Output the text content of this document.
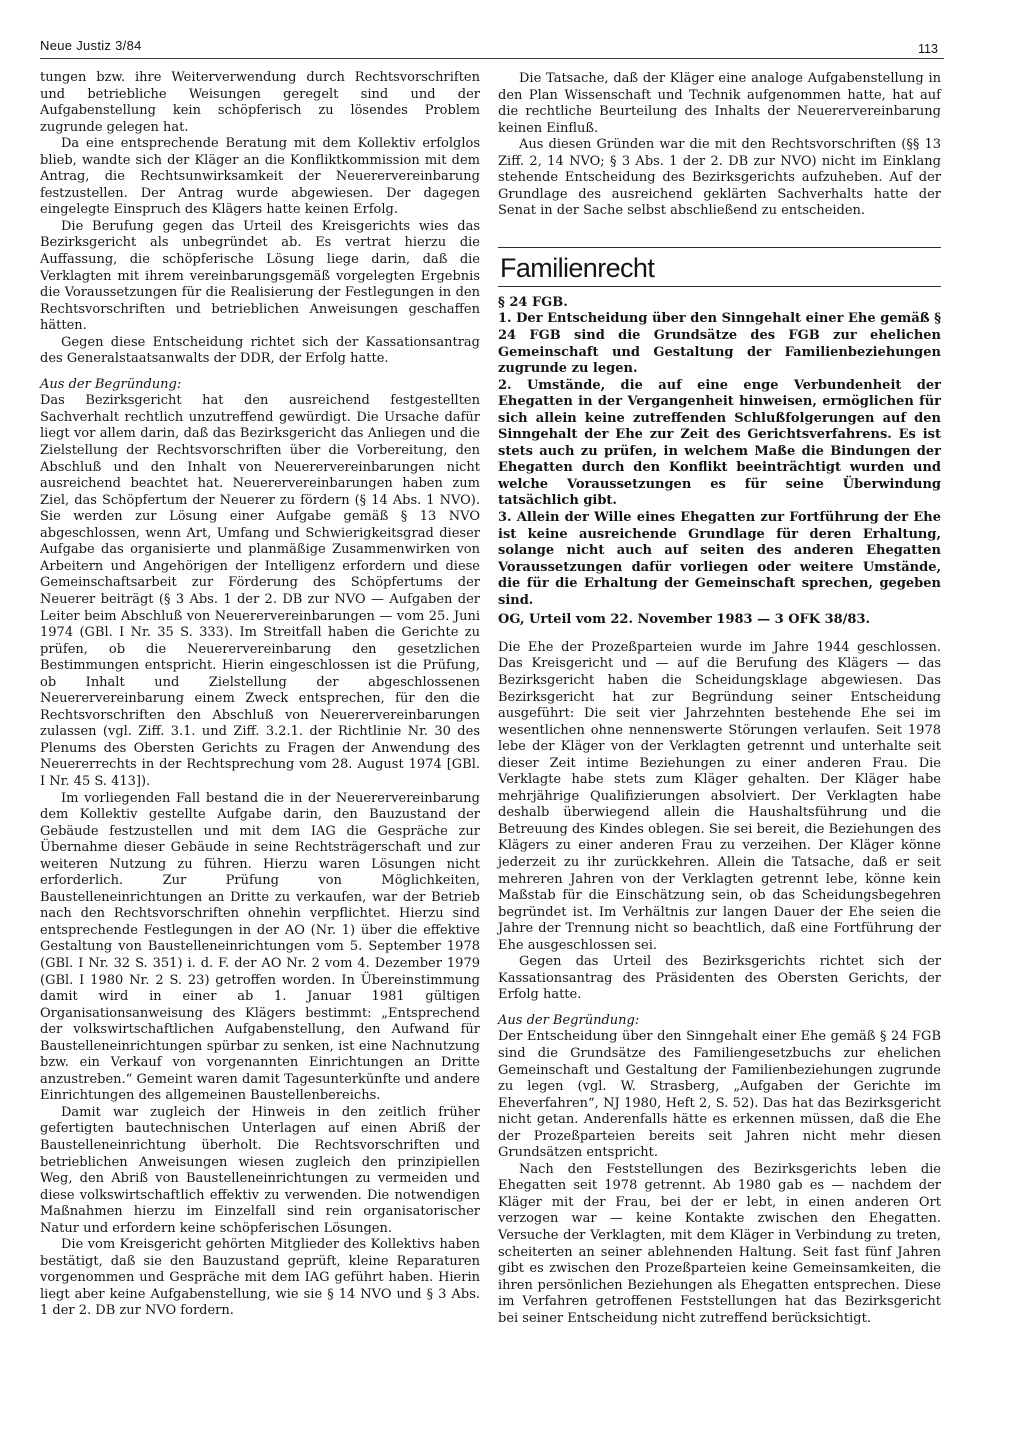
Neue Justiz 3/84	113

tungen bzw. ihre Weiterverwendung durch Rechtsvorschriften und betriebliche Weisungen geregelt sind und der Aufgabenstellung kein schöpferisch zu lösendes Problem zugrunde gelegen hat.

Da eine entsprechende Beratung mit dem Kollektiv erfolglos blieb, wandte sich der Kläger an die Konfliktkommission mit dem Antrag, die Rechtsunwirksamkeit der Neuerervereinbarung festzustellen. Der Antrag wurde abgewiesen. Der dagegen eingelegte Einspruch des Klägers hatte keinen Erfolg.

Die Berufung gegen das Urteil des Kreisgerichts wies das Bezirksgericht als unbegründet ab. Es vertrat hierzu die Auffassung, die schöpferische Lösung liege darin, daß die Verklagten mit ihrem vereinbarungsgemäß vorgelegten Ergebnis die Voraussetzungen für die Realisierung der Festlegungen in den Rechtsvorschriften und betrieblichen Anweisungen geschaffen hätten.

Gegen diese Entscheidung richtet sich der Kassationsantrag des Generalstaatsanwalts der DDR, der Erfolg hatte.

Aus der Begründung:

Das Bezirksgericht hat den ausreichend festgestellten Sachverhalt rechtlich unzutreffend gewürdigt. Die Ursache dafür liegt vor allem darin, daß das Bezirksgericht das Anliegen und die Zielstellung der Rechtsvorschriften über die Vorbereitung, den Abschluß und den Inhalt von Neuerervereinbarungen nicht ausreichend beachtet hat. Neuerervereinbarungen haben zum Ziel, das Schöpfertum der Neuerer zu fördern (§ 14 Abs. 1 NVO). Sie werden zur Lösung einer Aufgabe gemäß § 13 NVO abgeschlossen, wenn Art, Umfang und Schwierigkeitsgrad dieser Aufgabe das organisierte und planmäßige Zusammenwirken von Arbeitern und Angehörigen der Intelligenz erfordern und diese Gemeinschaftsarbeit zur Förderung des Schöpfertums der Neuerer beiträgt (§ 3 Abs. 1 der 2. DB zur NVO — Aufgaben der Leiter beim Abschluß von Neuerervereinbarungen — vom 25. Juni 1974 (GBl. I Nr. 35 S. 333). Im Streitfall haben die Gerichte zu prüfen, ob die Neuerervereinbarung den gesetzlichen Bestimmungen entspricht. Hierin eingeschlossen ist die Prüfung, ob Inhalt und Zielstellung der abgeschlossenen Neuerervereinbarung einem Zweck entsprechen, für den die Rechtsvorschriften den Abschluß von Neuerervereinbarungen zulassen (vgl. Ziff. 3.1. und Ziff. 3.2.1. der Richtlinie Nr. 30 des Plenums des Obersten Gerichts zu Fragen der Anwendung des Neuererrechts in der Rechtsprechung vom 28. August 1974 [GBl. I Nr. 45 S. 413]).

Im vorliegenden Fall bestand die in der Neuerervereinbarung dem Kollektiv gestellte Aufgabe darin, den Bauzustand der Gebäude festzustellen und mit dem IAG die Gespräche zur Übernahme dieser Gebäude in seine Rechtsträgerschaft und zur weiteren Nutzung zu führen. Hierzu waren Lösungen nicht erforderlich. Zur Prüfung von Möglichkeiten, Baustelleneinrichtungen an Dritte zu verkaufen, war der Betrieb nach den Rechtsvorschriften ohnehin verpflichtet. Hierzu sind entsprechende Festlegungen in der AO (Nr. 1) über die effektive Gestaltung von Baustelleneinrichtungen vom 5. September 1978 (GBl. I Nr. 32 S. 351) i. d. F. der AO Nr. 2 vom 4. Dezember 1979 (GBl. I 1980 Nr. 2 S. 23) getroffen worden. In Übereinstimmung damit wird in einer ab 1. Januar 1981 gültigen Organisationsanweisung des Klägers bestimmt: „Entsprechend der volkswirtschaftlichen Aufgabenstellung, den Aufwand für Baustelleneinrichtungen spürbar zu senken, ist eine Nachnutzung bzw. ein Verkauf von vorgenannten Einrichtungen an Dritte anzustreben.“ Gemeint waren damit Tagesunterkünfte und andere Einrichtungen des allgemeinen Baustellenbereichs.

Damit war zugleich der Hinweis in den zeitlich früher gefertigten bautechnischen Unterlagen auf einen Abriß der Baustelleneinrichtung überholt. Die Rechtsvorschriften und betrieblichen Anweisungen wiesen zugleich den prinzipiellen Weg, den Abriß von Baustelleneinrichtungen zu vermeiden und diese volkswirtschaftlich effektiv zu verwenden. Die notwendigen Maßnahmen hierzu im Einzelfall sind rein organisatorischer Natur und erfordern keine schöpferischen Lösungen.

Die vom Kreisgericht gehörten Mitglieder des Kollektivs haben bestätigt, daß sie den Bauzustand geprüft, kleine Reparaturen vorgenommen und Gespräche mit dem IAG geführt haben. Hierin liegt aber keine Aufgabenstellung, wie sie § 14 NVO und § 3 Abs. 1 der 2. DB zur NVO fordern.

Die Tatsache, daß der Kläger eine analoge Aufgabenstellung in den Plan Wissenschaft und Technik aufgenommen hatte, hat auf die rechtliche Beurteilung des Inhalts der Neuerervereinbarung keinen Einfluß.

Aus diesen Gründen war die mit den Rechtsvorschriften (§§ 13 Ziff. 2, 14 NVO; § 3 Abs. 1 der 2. DB zur NVO) nicht im Einklang stehende Entscheidung des Bezirksgerichts aufzuheben. Auf der Grundlage des ausreichend geklärten Sachverhalts hatte der Senat in der Sache selbst abschließend zu entscheiden.

Familienrecht

§ 24 FGB.

1. Der Entscheidung über den Sinngehalt einer Ehe gemäß § 24 FGB sind die Grundsätze des FGB zur ehelichen Gemeinschaft und Gestaltung der Familienbeziehungen zugrunde zu legen.

2. Umstände, die auf eine enge Verbundenheit der Ehegatten in der Vergangenheit hinweisen, ermöglichen für sich allein keine zutreffenden Schlußfolgerungen auf den Sinngehalt der Ehe zur Zeit des Gerichtsverfahrens. Es ist stets auch zu prüfen, in welchem Maße die Bindungen der Ehegatten durch den Konflikt beeinträchtigt wurden und welche Voraussetzungen es für seine Überwindung tatsächlich gibt.

3. Allein der Wille eines Ehegatten zur Fortführung der Ehe ist keine ausreichende Grundlage für deren Erhaltung, solange nicht auch auf seiten des anderen Ehegatten Voraussetzungen dafür vorliegen oder weitere Umstände, die für die Erhaltung der Gemeinschaft sprechen, gegeben sind.

OG, Urteil vom 22. November 1983 — 3 OFK 38/83.

Die Ehe der Prozeßparteien wurde im Jahre 1944 geschlossen. Das Kreisgericht und — auf die Berufung des Klägers — das Bezirksgericht haben die Scheidungsklage abgewiesen. Das Bezirksgericht hat zur Begründung seiner Entscheidung ausgeführt: Die seit vier Jahrzehnten bestehende Ehe sei im wesentlichen ohne nennenswerte Störungen verlaufen. Seit 1978 lebe der Kläger von der Verklagten getrennt und unterhalte seit dieser Zeit intime Beziehungen zu einer anderen Frau. Die Verklagte habe stets zum Kläger gehalten. Der Kläger habe mehrjährige Qualifizierungen absolviert. Der Verklagten habe deshalb überwiegend allein die Haushaltsführung und die Betreuung des Kindes oblegen. Sie sei bereit, die Beziehungen des Klägers zu einer anderen Frau zu verzeihen. Der Kläger könne jederzeit zu ihr zurückkehren. Allein die Tatsache, daß er seit mehreren Jahren von der Verklagten getrennt lebe, könne kein Maßstab für die Einschätzung sein, ob das Scheidungsbegehren begründet ist. Im Verhältnis zur langen Dauer der Ehe seien die Jahre der Trennung nicht so beachtlich, daß eine Fortführung der Ehe ausgeschlossen sei.

Gegen das Urteil des Bezirksgerichts richtet sich der Kassationsantrag des Präsidenten des Obersten Gerichts, der Erfolg hatte.

Aus der Begründung:

Der Entscheidung über den Sinngehalt einer Ehe gemäß § 24 FGB sind die Grundsätze des Familiengesetzbuchs zur ehelichen Gemeinschaft und Gestaltung der Familienbeziehungen zugrunde zu legen (vgl. W. Strasberg, „Aufgaben der Gerichte im Eheverfahren“, NJ 1980, Heft 2, S. 52). Das hat das Bezirksgericht nicht getan. Anderenfalls hätte es erkennen müssen, daß die Ehe der Prozeßparteien bereits seit Jahren nicht mehr diesen Grundsätzen entspricht.

Nach den Feststellungen des Bezirksgerichts leben die Ehegatten seit 1978 getrennt. Ab 1980 gab es — nachdem der Kläger mit der Frau, bei der er lebt, in einen anderen Ort verzogen war — keine Kontakte zwischen den Ehegatten. Versuche der Verklagten, mit dem Kläger in Verbindung zu treten, scheiterten an seiner ablehnenden Haltung. Seit fast fünf Jahren gibt es zwischen den Prozeßparteien keine Gemeinsamkeiten, die ihren persönlichen Beziehungen als Ehegatten entsprechen. Diese im Verfahren getroffenen Feststellungen hat das Bezirksgericht bei seiner Entscheidung nicht zutreffend berücksichtigt.
